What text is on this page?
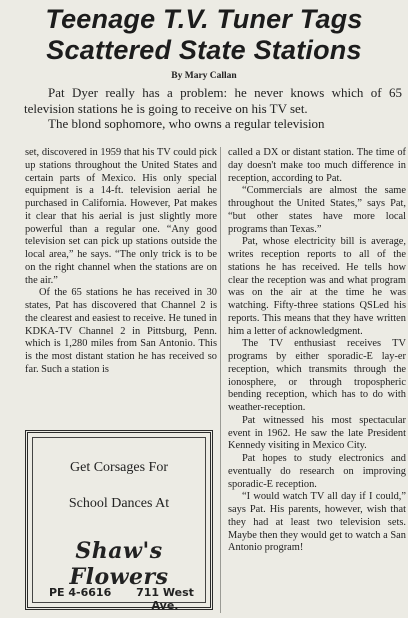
Teenage T.V. Tuner Tags
Scattered State Stations
By Mary Callan

Pat Dyer really has a problem: he never knows which of 65 television stations he is going to receive on his TV set.

The blond sophomore, who owns a regular television

set, discovered in 1959 that his TV could pick up stations throughout the United States and certain parts of Mexico. His only special equipment is a 14-ft. television aerial he purchased in California. However, Pat makes it clear that his aerial is just slightly more powerful than a regular one. “Any good television set can pick up stations outside the local area,” he says. “The only trick is to be on the right channel when the stations are on the air.”

Of the 65 stations he has received in 30 states, Pat has discovered that Channel 2 is the clearest and easiest to receive. He tuned in KDKA-TV Channel 2 in Pittsburg, Penn. which is 1,280 miles from San Antonio. This is the most distant station he has received so far. Such a station is

called a DX or distant station. The time of day doesn't make too much difference in reception, according to Pat.

“Commercials are almost the same throughout the United States,” says Pat, “but other states have more local programs than Texas.”

Pat, whose electricity bill is average, writes reception reports to all of the stations he has received. He tells how clear the reception was and what program was on the air at the time he was watching. Fifty-three stations QSLed his reports. This means that they have written him a letter of acknowledgment.

The TV enthusiast receives TV programs by either sporadic-E lay-er reception, which transmits through the ionosphere, or through tropospheric bending reception, which has to do with weather-reception.

Pat witnessed his most spectacular event in 1962. He saw the late President Kennedy visiting in Mexico City.

Pat hopes to study electronics and eventually do research on improving sporadic-E reception.

“I would watch TV all day if I could,” says Pat. His parents, however, wish that they had at least two television sets. Maybe then they would get to watch a San Antonio program!

Get Corsages For
School Dances At
Shaw's Flowers
PE 4-6616	711 West Ave.
